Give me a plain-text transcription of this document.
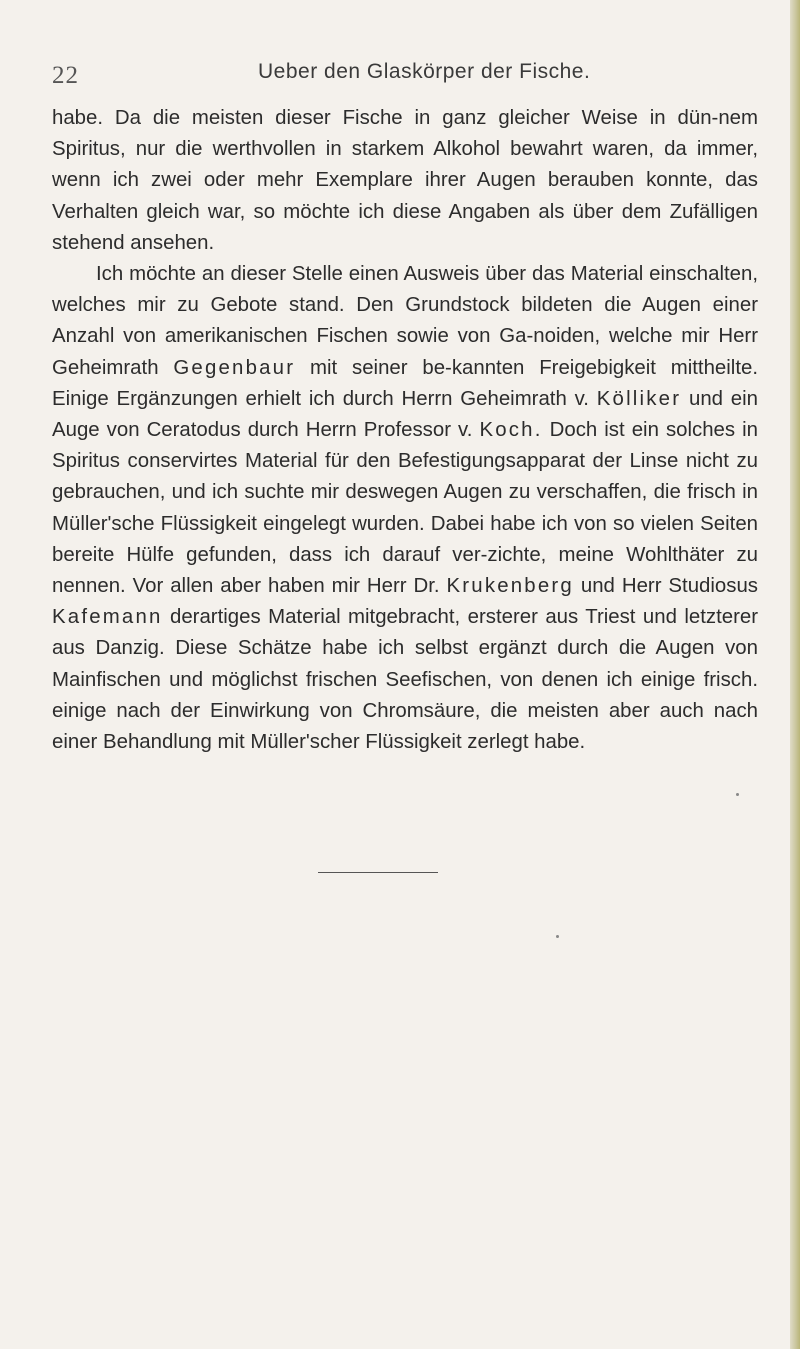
22	Ueber den Glaskörper der Fische.

habe. Da die meisten dieser Fische in ganz gleicher Weise in dün-nem Spiritus, nur die werthvollen in starkem Alkohol bewahrt waren, da immer, wenn ich zwei oder mehr Exemplare ihrer Augen berauben konnte, das Verhalten gleich war, so möchte ich diese Angaben als über dem Zufälligen stehend ansehen.

Ich möchte an dieser Stelle einen Ausweis über das Material einschalten, welches mir zu Gebote stand. Den Grundstock bildeten die Augen einer Anzahl von amerikanischen Fischen sowie von Ga-noiden, welche mir Herr Geheimrath Gegenbaur mit seiner be-kannten Freigebigkeit mittheilte. Einige Ergänzungen erhielt ich durch Herrn Geheimrath v. Kölliker und ein Auge von Ceratodus durch Herrn Professor v. Koch. Doch ist ein solches in Spiritus conservirtes Material für den Befestigungsapparat der Linse nicht zu gebrauchen, und ich suchte mir deswegen Augen zu verschaffen, die frisch in Müller'sche Flüssigkeit eingelegt wurden. Dabei habe ich von so vielen Seiten bereite Hülfe gefunden, dass ich darauf ver-zichte, meine Wohlthäter zu nennen. Vor allen aber haben mir Herr Dr. Krukenberg und Herr Studiosus Kafemann derartiges Material mitgebracht, ersterer aus Triest und letzterer aus Danzig. Diese Schätze habe ich selbst ergänzt durch die Augen von Mainfischen und möglichst frischen Seefischen, von denen ich einige frisch. einige nach der Einwirkung von Chromsäure, die meisten aber auch nach einer Behandlung mit Müller'scher Flüssigkeit zerlegt habe.
